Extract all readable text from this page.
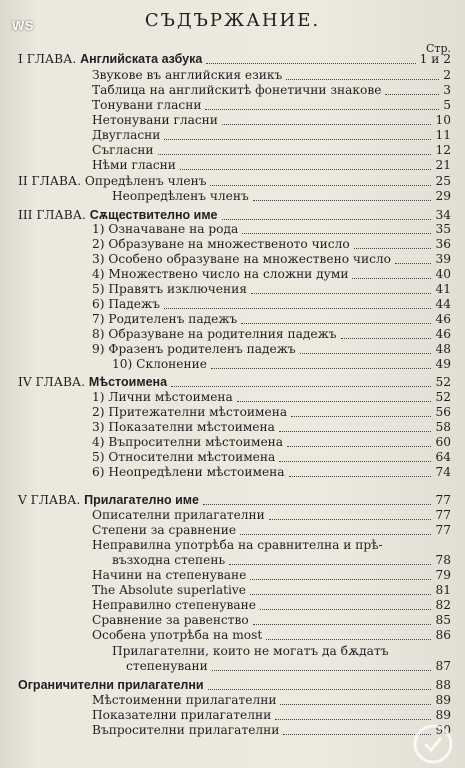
WS	СЪДЪРЖАНИЕ.
Стр.
I ГЛАВА. Английската азбука	1 и 2
Звукове въ английския езикъ	2
Таблица на английскитѣ фонетични знакове	3
Тонувани гласни	5
Нетонувани гласни	10
Двугласни	11
Съгласни	12
Нѣми гласни	21
II ГЛАВА. Опредѣленъ членъ	25
Неопредѣленъ членъ	29
III ГЛАВА. Сѫществително име	34
1) Означаване на рода	35
2) Образуване на множественото число	36
3) Особено образуване на множествено число	39
4) Множествено число на сложни думи	40
5) Правятъ изключения	41
6) Падежъ	44
7) Родителенъ падежъ	46
8) Образуване на родителния падежъ	46
9) Фразенъ родителенъ падежъ	48
10) Склонение	49
IV ГЛАВА. Мѣстоимена	52
1) Лични мѣстоимена	52
2) Притежателни мѣстоимена	56
3) Показателни мѣстоимена	58
4) Въпросителни мѣстоимена	60
5) Относителни мѣстоимена	64
6) Неопредѣлени мѣстоимена	74
V ГЛАВА. Прилагателно име	77
Описателни прилагателни	77
Степени за сравнение	77
Неправилна употрѣба на сравнителна и прѣ-
възходна степень	78
Начини на степенуване	79
The Absolute superlative	81
Неправилно степенуване	82
Сравнение за равенство	85
Особена употрѣба на most	86
Прилагателни, които не могатъ да бѫдатъ
степенувани	87
Ограничителни прилагателни	88
Мѣстоименни прилагателни	89
Показателни прилагателни	89
Въпросителни прилагателни	90
